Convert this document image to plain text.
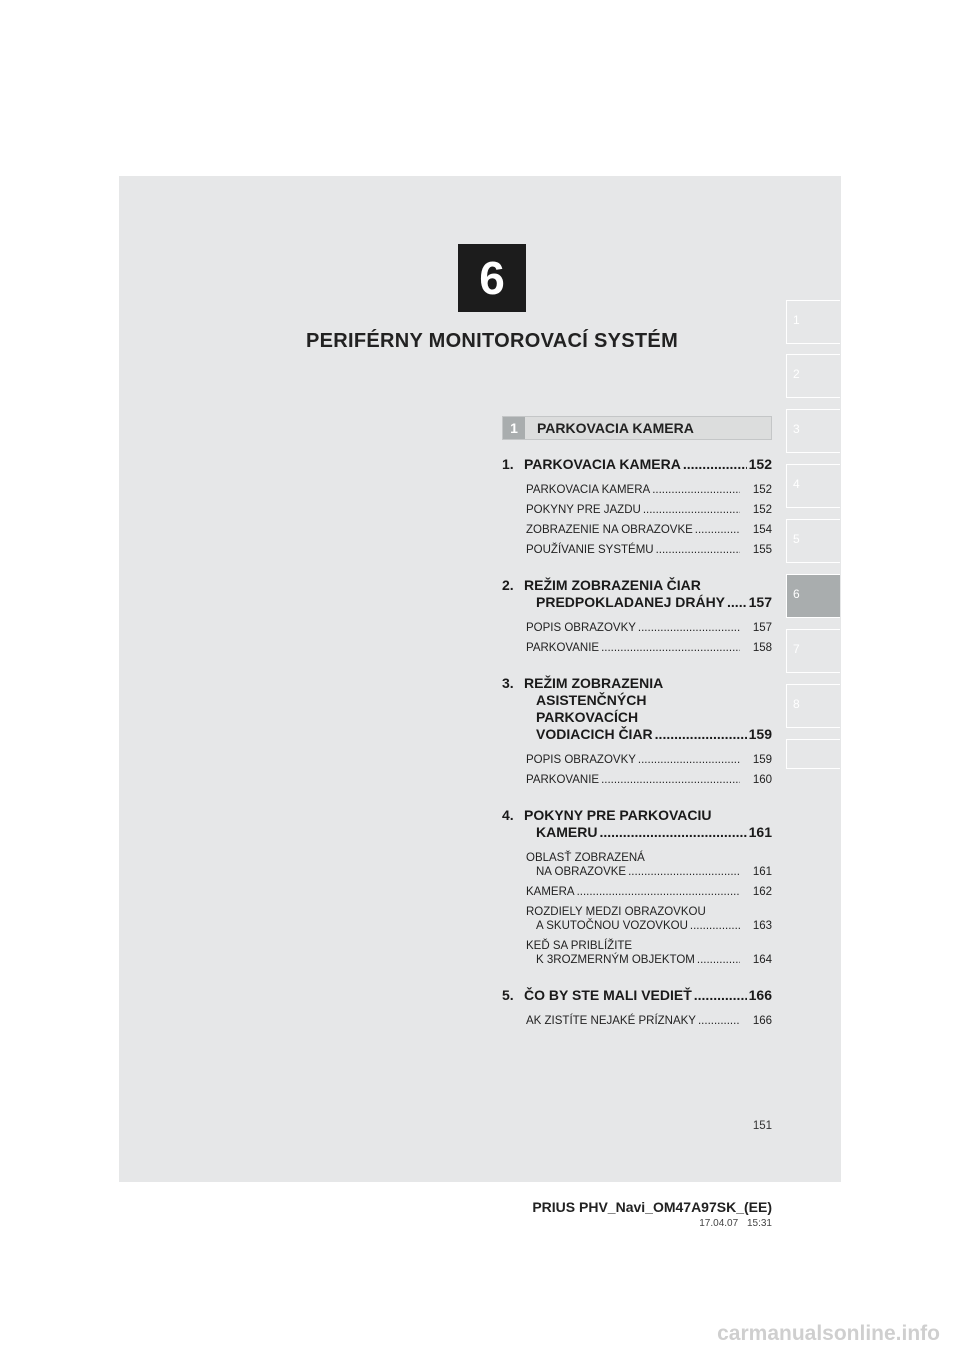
6
PERIFÉRNY MONITOROVACÍ SYSTÉM
1
2
3
4
5
6
7
8
1	PARKOVACIA KAMERA
1. PARKOVACIA KAMERA .....	152
PARKOVACIA KAMERA .....	152
POKYNY PRE JAZDU .....	152
ZOBRAZENIE NA OBRAZOVKE .....	154
POUŽÍVANIE SYSTÉMU .....	155
2. REŽIM ZOBRAZENIA ČIAR
PREDPOKLADANEJ DRÁHY ..... 157
POPIS OBRAZOVKY .....	157
PARKOVANIE .....	158
3. REŽIM ZOBRAZENIA
ASISTENČNÝCH
PARKOVACÍCH
VODIACICH ČIAR .....	159
POPIS OBRAZOVKY .....	159
PARKOVANIE .....	160
4. POKYNY PRE PARKOVACIU
KAMERU .....	161
OBLASŤ ZOBRAZENÁ
NA OBRAZOVKE .....	161
KAMERA .....	162
ROZDIELY MEDZI OBRAZOVKOU
A SKUTOČNOU VOZOVKOU .....	163
KEĎ SA PRIBLÍŽITE
K 3ROZMERNÝM OBJEKTOM .....	164
5. ČO BY STE MALI VEDIEŤ .....	166
AK ZISTÍTE NEJAKÉ PRÍZNAKY .....	166
151
PRIUS PHV_Navi_OM47A97SK_(EE)
17.04.07 15:31
carmanualsonline.info
